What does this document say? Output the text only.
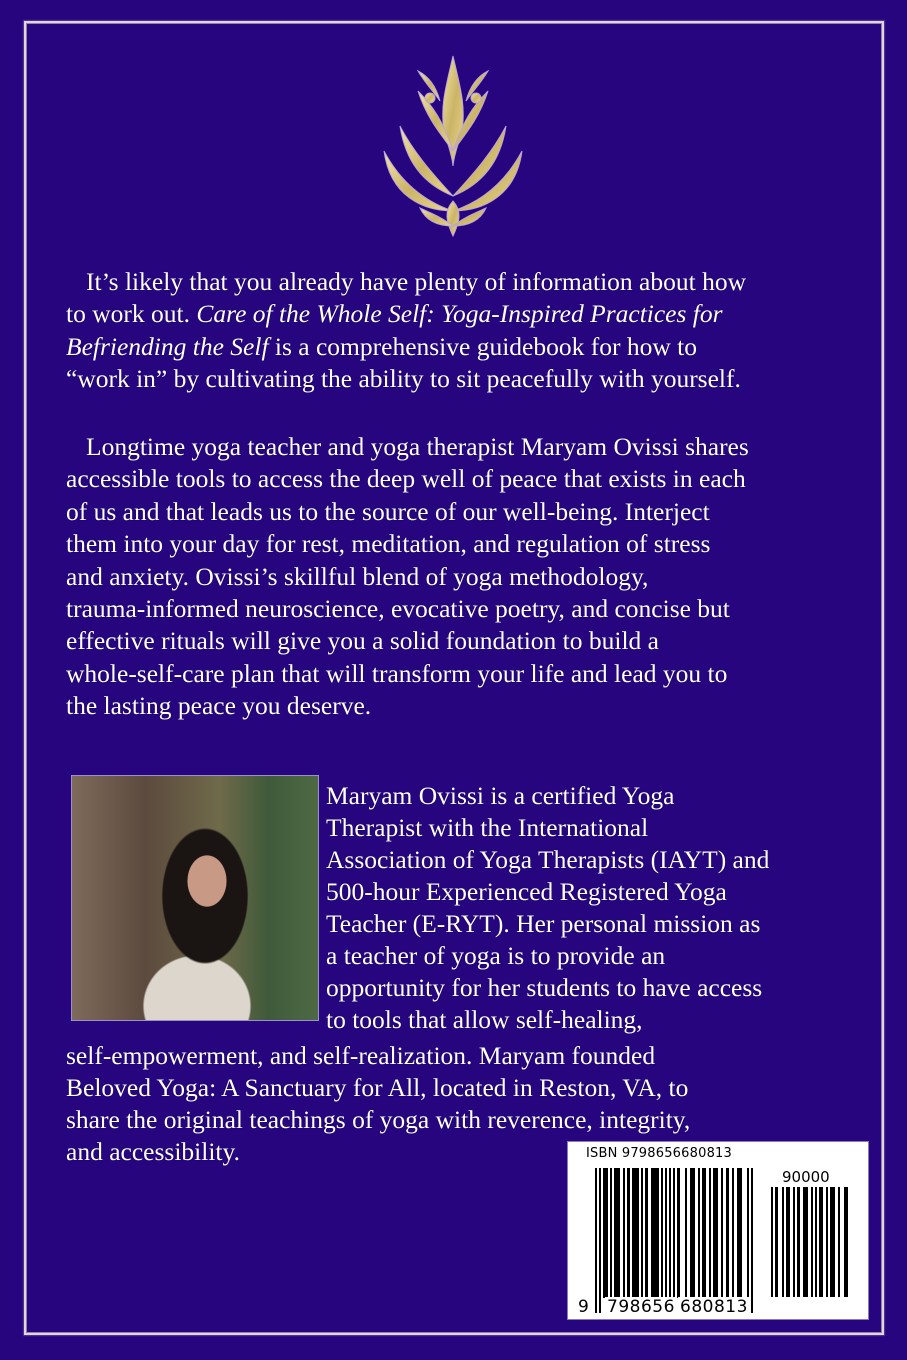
It’s likely that you already have plenty of information about how
to work out. Care of the Whole Self: Yoga-Inspired Practices for
Befriending the Self is a comprehensive guidebook for how to
“work in” by cultivating the ability to sit peacefully with yourself.
Longtime yoga teacher and yoga therapist Maryam Ovissi shares
accessible tools to access the deep well of peace that exists in each
of us and that leads us to the source of our well-being. Interject
them into your day for rest, meditation, and regulation of stress
and anxiety. Ovissi’s skillful blend of yoga methodology,
trauma-informed neuroscience, evocative poetry, and concise but
effective rituals will give you a solid foundation to build a
whole-self-care plan that will transform your life and lead you to
the lasting peace you deserve.
Maryam Ovissi is a certified Yoga
Therapist with the International
Association of Yoga Therapists (IAYT) and
500-hour Experienced Registered Yoga
Teacher (E-RYT). Her personal mission as
a teacher of yoga is to provide an
opportunity for her students to have access
to tools that allow self-healing,
self-empowerment, and self-realization. Maryam founded
Beloved Yoga: A Sanctuary for All, located in Reston, VA, to
share the original teachings of yoga with reverence, integrity,
and accessibility.	ISBN 9798656680813
90000
9 798656 680813
